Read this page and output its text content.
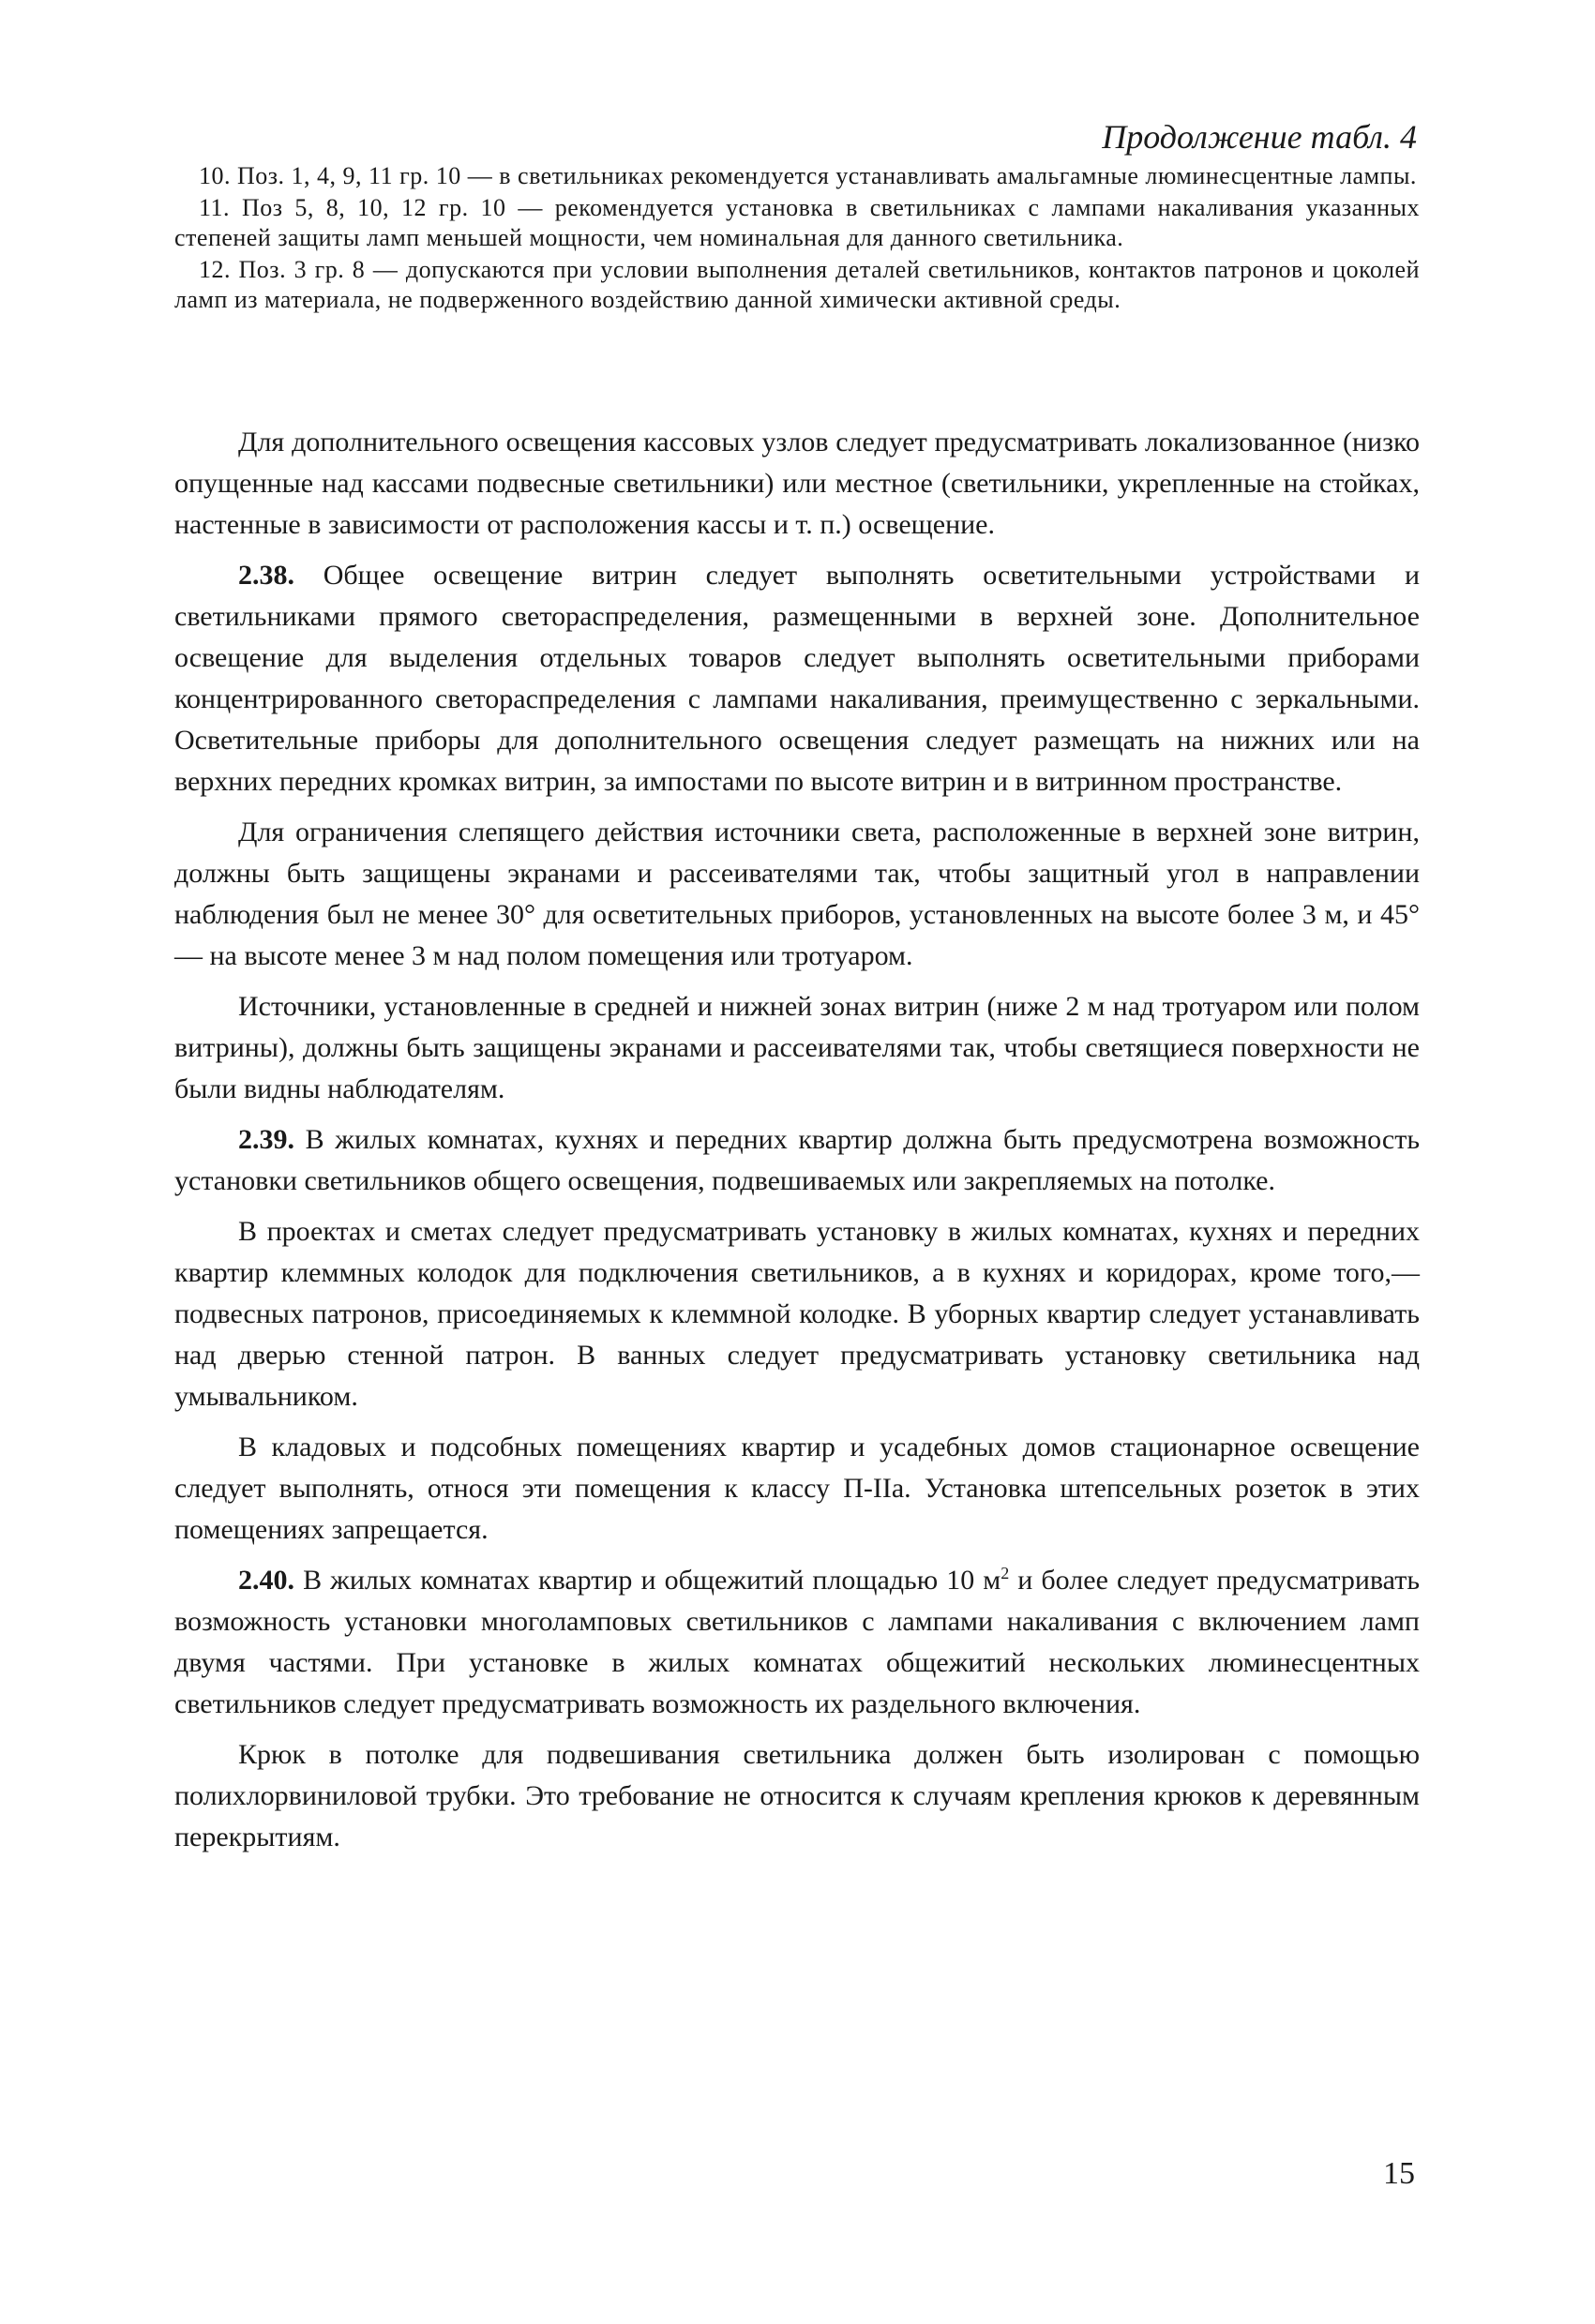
Продолжение табл. 4

10. Поз. 1, 4, 9, 11 гр. 10 — в светильниках рекомендуется устанавливать амальгамные люминесцентные лампы.

11. Поз 5, 8, 10, 12 гр. 10 — рекомендуется установка в светильниках с лампами накаливания указанных степеней защиты ламп меньшей мощности, чем номинальная для данного светильника.

12. Поз. 3 гр. 8 — допускаются при условии выполнения деталей светильников, контактов патронов и цоколей ламп из материала, не подверженного воздействию данной химически активной среды.

Для дополнительного освещения кассовых узлов следует предусматривать локализованное (низко опущенные над кассами подвесные светильники) или местное (светильники, укрепленные на стойках, настенные в зависимости от расположения кассы и т. п.) освещение.

2.38. Общее освещение витрин следует выполнять осветительными устройствами и светильниками прямого светораспределения, размещенными в верхней зоне. Дополнительное освещение для выделения отдельных товаров следует выполнять осветительными приборами концентрированного светораспределения с лампами накаливания, преимущественно с зеркальными. Осветительные приборы для дополнительного освещения следует размещать на нижних или на верхних передних кромках витрин, за импостами по высоте витрин и в витринном пространстве.

Для ограничения слепящего действия источники света, расположенные в верхней зоне витрин, должны быть защищены экранами и рассеивателями так, чтобы защитный угол в направлении наблюдения был не менее 30° для осветительных приборов, установленных на высоте более 3 м, и 45° — на высоте менее 3 м над полом помещения или тротуаром.

Источники, установленные в средней и нижней зонах витрин (ниже 2 м над тротуаром или полом витрины), должны быть защищены экранами и рассеивателями так, чтобы светящиеся поверхности не были видны наблюдателям.

2.39. В жилых комнатах, кухнях и передних квартир должна быть предусмотрена возможность установки светильников общего освещения, подвешиваемых или закрепляемых на потолке.

В проектах и сметах следует предусматривать установку в жилых комнатах, кухнях и передних квартир клеммных колодок для подключения светильников, а в кухнях и коридорах, кроме того,— подвесных патронов, присоединяемых к клеммной колодке. В уборных квартир следует устанавливать над дверью стенной патрон. В ванных следует предусматривать установку светильника над умывальником.

В кладовых и подсобных помещениях квартир и усадебных домов стационарное освещение следует выполнять, относя эти помещения к классу П-IIа. Установка штепсельных розеток в этих помещениях запрещается.

2.40. В жилых комнатах квартир и общежитий площадью 10 $м^2$ и более следует предусматривать возможность установки многоламповых светильников с лампами накаливания с включением ламп двумя частями. При установке в жилых комнатах общежитий нескольких люминесцентных светильников следует предусматривать возможность их раздельного включения.

Крюк в потолке для подвешивания светильника должен быть изолирован с помощью полихлорвиниловой трубки. Это требование не относится к случаям крепления крюков к деревянным перекрытиям.

15
